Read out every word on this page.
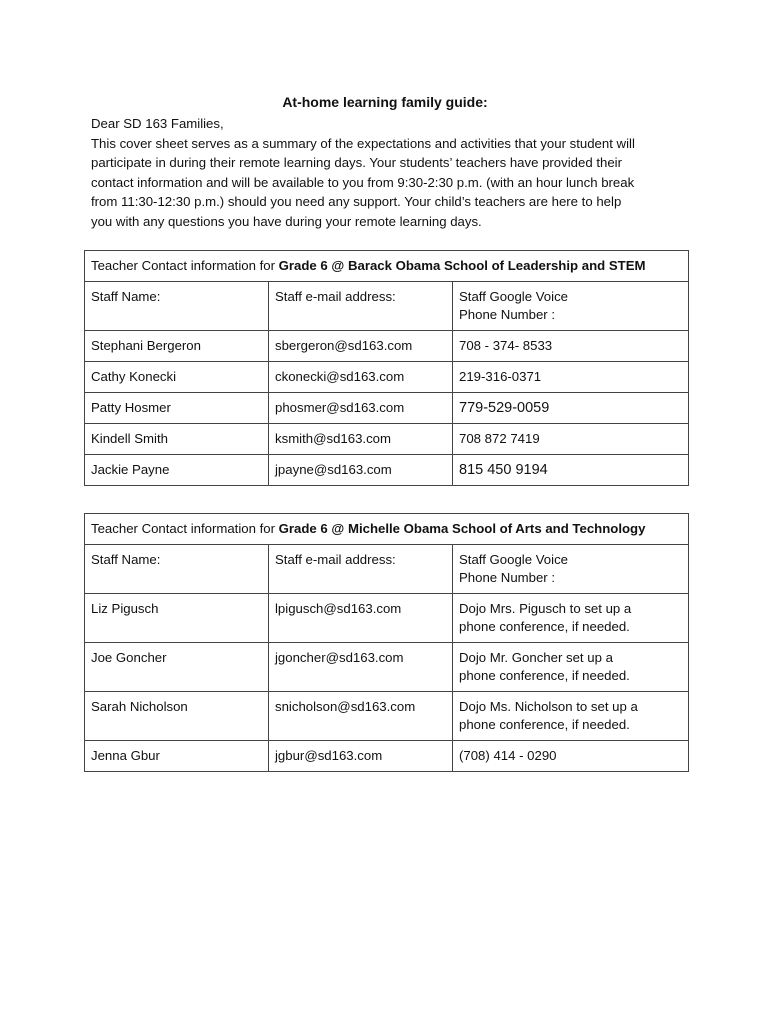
At-home learning family guide:
Dear SD 163 Families,
This cover sheet serves as a summary of the expectations and activities that your student will
participate in during their remote learning days. Your students’ teachers have provided their
contact information and will be available to you from 9:30-2:30 p.m. (with an hour lunch break
from 11:30-12:30 p.m.) should you need any support. Your child’s teachers are here to help
you with any questions you have during your remote learning days.
Teacher Contact information for Grade 6 @ Barack Obama School of Leadership and STEM		
Staff Name:	Staff e-mail address:	Staff Google Voice
Phone Number :

Stephani Bergeron	sbergeron@sd163.com	708 - 374- 8533
Cathy Konecki	ckonecki@sd163.com	219-316-0371
Patty Hosmer	phosmer@sd163.com	779-529-0059
Kindell Smith	ksmith@sd163.com	708 872 7419
Jackie Payne	jpayne@sd163.com	815 450 9194
Teacher Contact information for Grade 6 @ Michelle Obama School of Arts and Technology		
Staff Name:	Staff e-mail address:	Staff Google Voice
Phone Number :

Liz Pigusch	lpigusch@sd163.com	Dojo Mrs. Pigusch to set up a
phone conference, if needed.

Joe Goncher	jgoncher@sd163.com	Dojo Mr. Goncher set up a
phone conference, if needed.

Sarah Nicholson	snicholson@sd163.com	Dojo Ms. Nicholson to set up a
phone conference, if needed.

Jenna Gbur	jgbur@sd163.com	(708) 414 - 0290
